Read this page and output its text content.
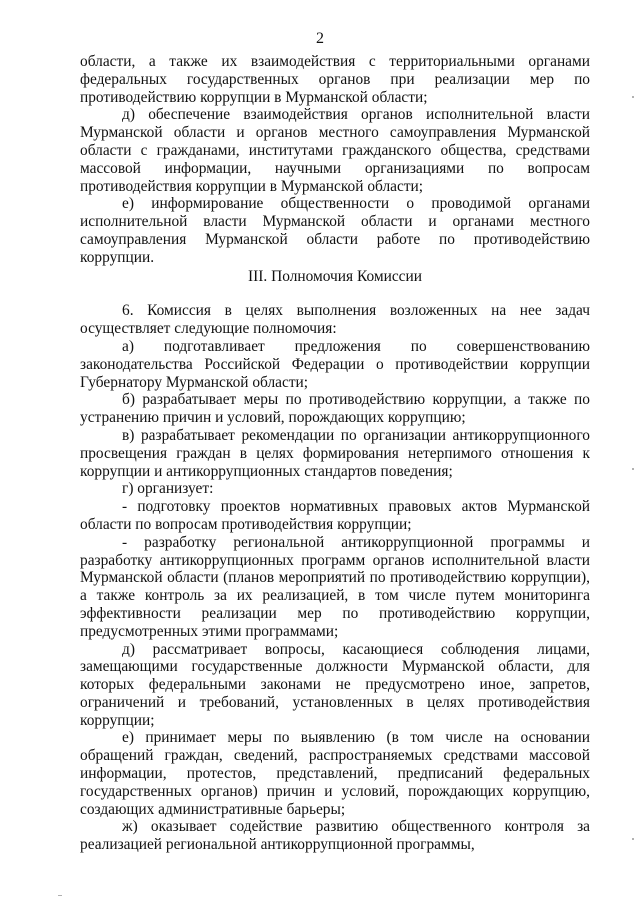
2

области, а также их взаимодействия с территориальными органами федеральных государственных органов при реализации мер по противодействию коррупции в Мурманской области;

д) обеспечение взаимодействия органов исполнительной власти Мурманской области и органов местного самоуправления Мурманской области с гражданами, институтами гражданского общества, средствами массовой информации, научными организациями по вопросам противодействия коррупции в Мурманской области;

е) информирование общественности о проводимой органами исполнительной власти Мурманской области и органами местного самоуправления Мурманской области работе по противодействию коррупции.

III. Полномочия Комиссии

6. Комиссия в целях выполнения возложенных на нее задач осуществляет следующие полномочия:

а) подготавливает предложения по совершенствованию законодательства Российской Федерации о противодействии коррупции Губернатору Мурманской области;

б) разрабатывает меры по противодействию коррупции, а также по устранению причин и условий, порождающих коррупцию;

в) разрабатывает рекомендации по организации антикоррупционного просвещения граждан в целях формирования нетерпимого отношения к коррупции и антикоррупционных стандартов поведения;

г) организует:

- подготовку проектов нормативных правовых актов Мурманской области по вопросам противодействия коррупции;

- разработку региональной антикоррупционной программы и разработку антикоррупционных программ органов исполнительной власти Мурманской области (планов мероприятий по противодействию коррупции), а также контроль за их реализацией, в том числе путем мониторинга эффективности реализации мер по противодействию коррупции, предусмотренных этими программами;

д) рассматривает вопросы, касающиеся соблюдения лицами, замещающими государственные должности Мурманской области, для которых федеральными законами не предусмотрено иное, запретов, ограничений и требований, установленных в целях противодействия коррупции;

е) принимает меры по выявлению (в том числе на основании обращений граждан, сведений, распространяемых средствами массовой информации, протестов, представлений, предписаний федеральных государственных органов) причин и условий, порождающих коррупцию, создающих административные барьеры;

ж) оказывает содействие развитию общественного контроля за реализацией региональной антикоррупционной программы,
